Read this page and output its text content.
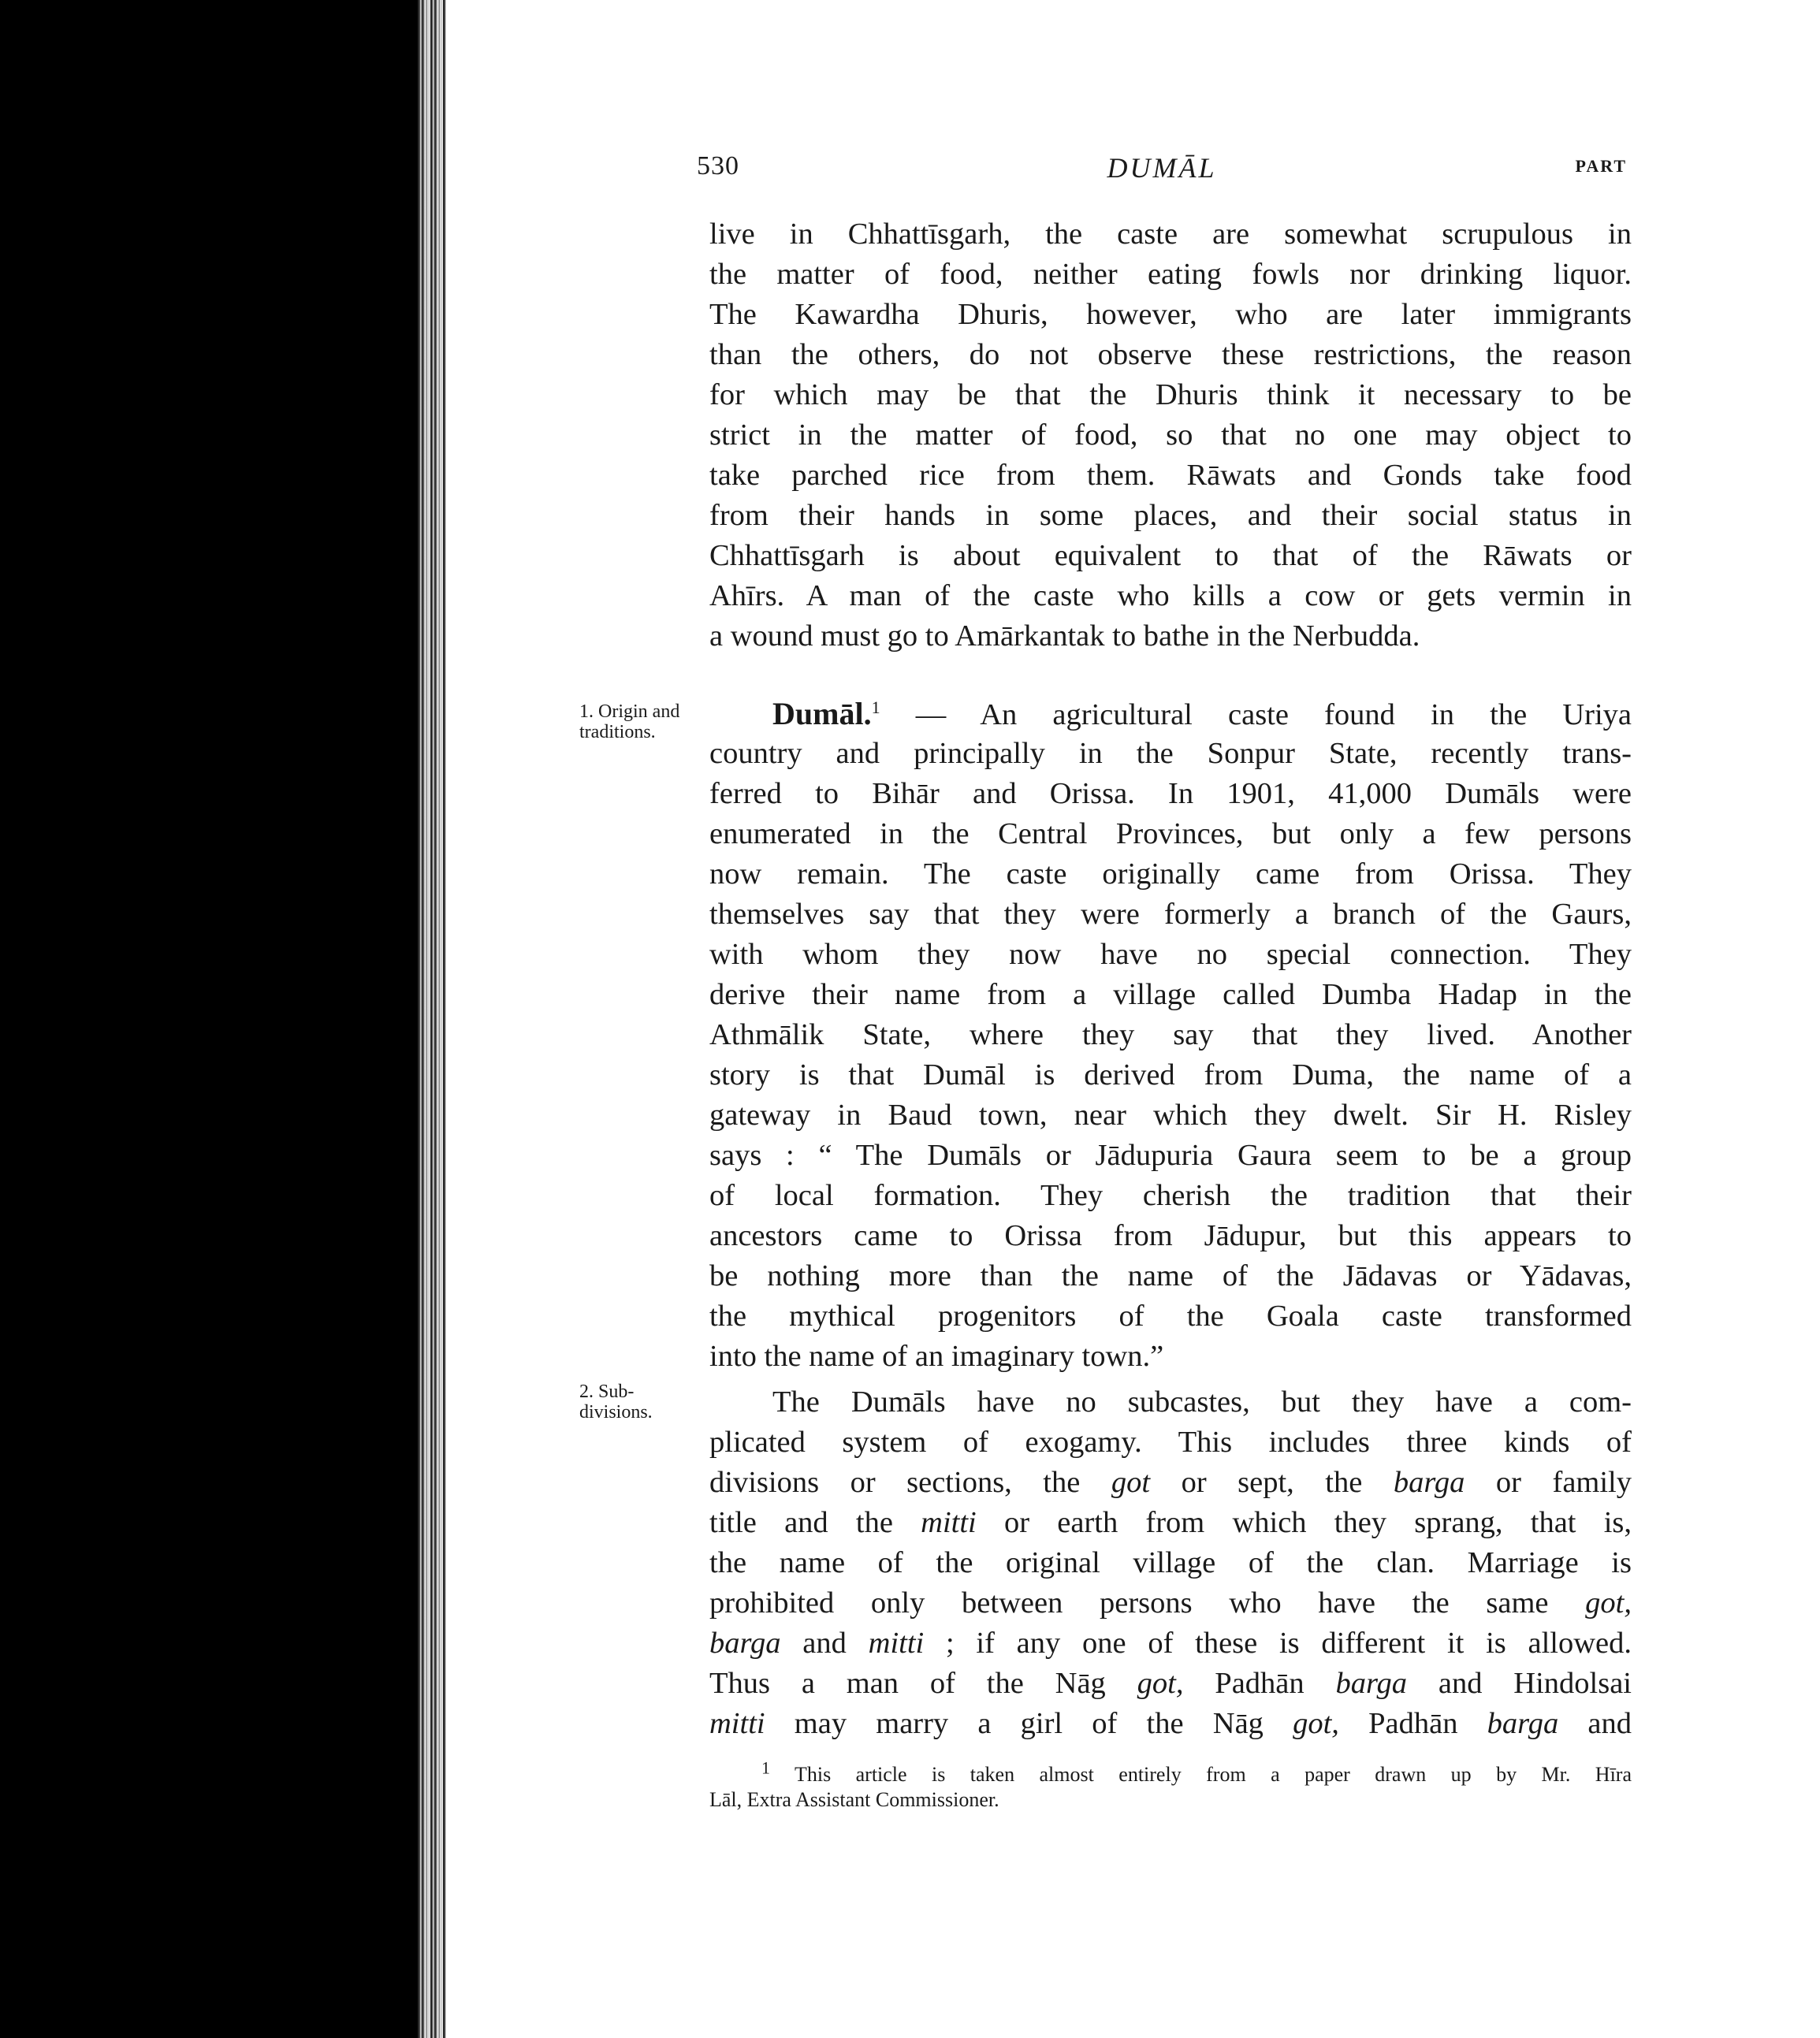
530	DUMĀL	PART
live in Chhattīsgarh, the caste are somewhat scrupulous in
the matter of food, neither eating fowls nor drinking liquor.
The Kawardha Dhuris, however, who are later immigrants
than the others, do not observe these restrictions, the reason
for which may be that the Dhuris think it necessary to be
strict in the matter of food, so that no one may object to
take parched rice from them. Rāwats and Gonds take food
from their hands in some places, and their social status in
Chhattīsgarh is about equivalent to that of the Rāwats or
Ahīrs. A man of the caste who kills a cow or gets vermin in
a wound must go to Amārkantak to bathe in the Nerbudda.
1. Origin and traditions.
2. Sub-divisions.
Dumāl.$^1$ — An agricultural caste found in the Uriya
country and principally in the Sonpur State, recently trans-
ferred to Bihār and Orissa. In 1901, 41,000 Dumāls were
enumerated in the Central Provinces, but only a few persons
now remain. The caste originally came from Orissa. They
themselves say that they were formerly a branch of the Gaurs,
with whom they now have no special connection. They
derive their name from a village called Dumba Hadap in the
Athmālik State, where they say that they lived. Another
story is that Dumāl is derived from Duma, the name of a
gateway in Baud town, near which they dwelt. Sir H. Risley
says : “ The Dumāls or Jādupuria Gaura seem to be a group
of local formation. They cherish the tradition that their
ancestors came to Orissa from Jādupur, but this appears to
be nothing more than the name of the Jādavas or Yādavas,
the mythical progenitors of the Goala caste transformed
into the name of an imaginary town.”
The Dumāls have no subcastes, but they have a com-
plicated system of exogamy. This includes three kinds of
divisions or sections, the got or sept, the barga or family
title and the mitti or earth from which they sprang, that is,
the name of the original village of the clan. Marriage is
prohibited only between persons who have the same got,
barga and mitti ; if any one of these is different it is allowed.
Thus a man of the Nāg got, Padhān barga and Hindolsai
mitti may marry a girl of the Nāg got, Padhān barga and
$^1$ This article is taken almost entirely from a paper drawn up by Mr. Hīra
Lāl, Extra Assistant Commissioner.
